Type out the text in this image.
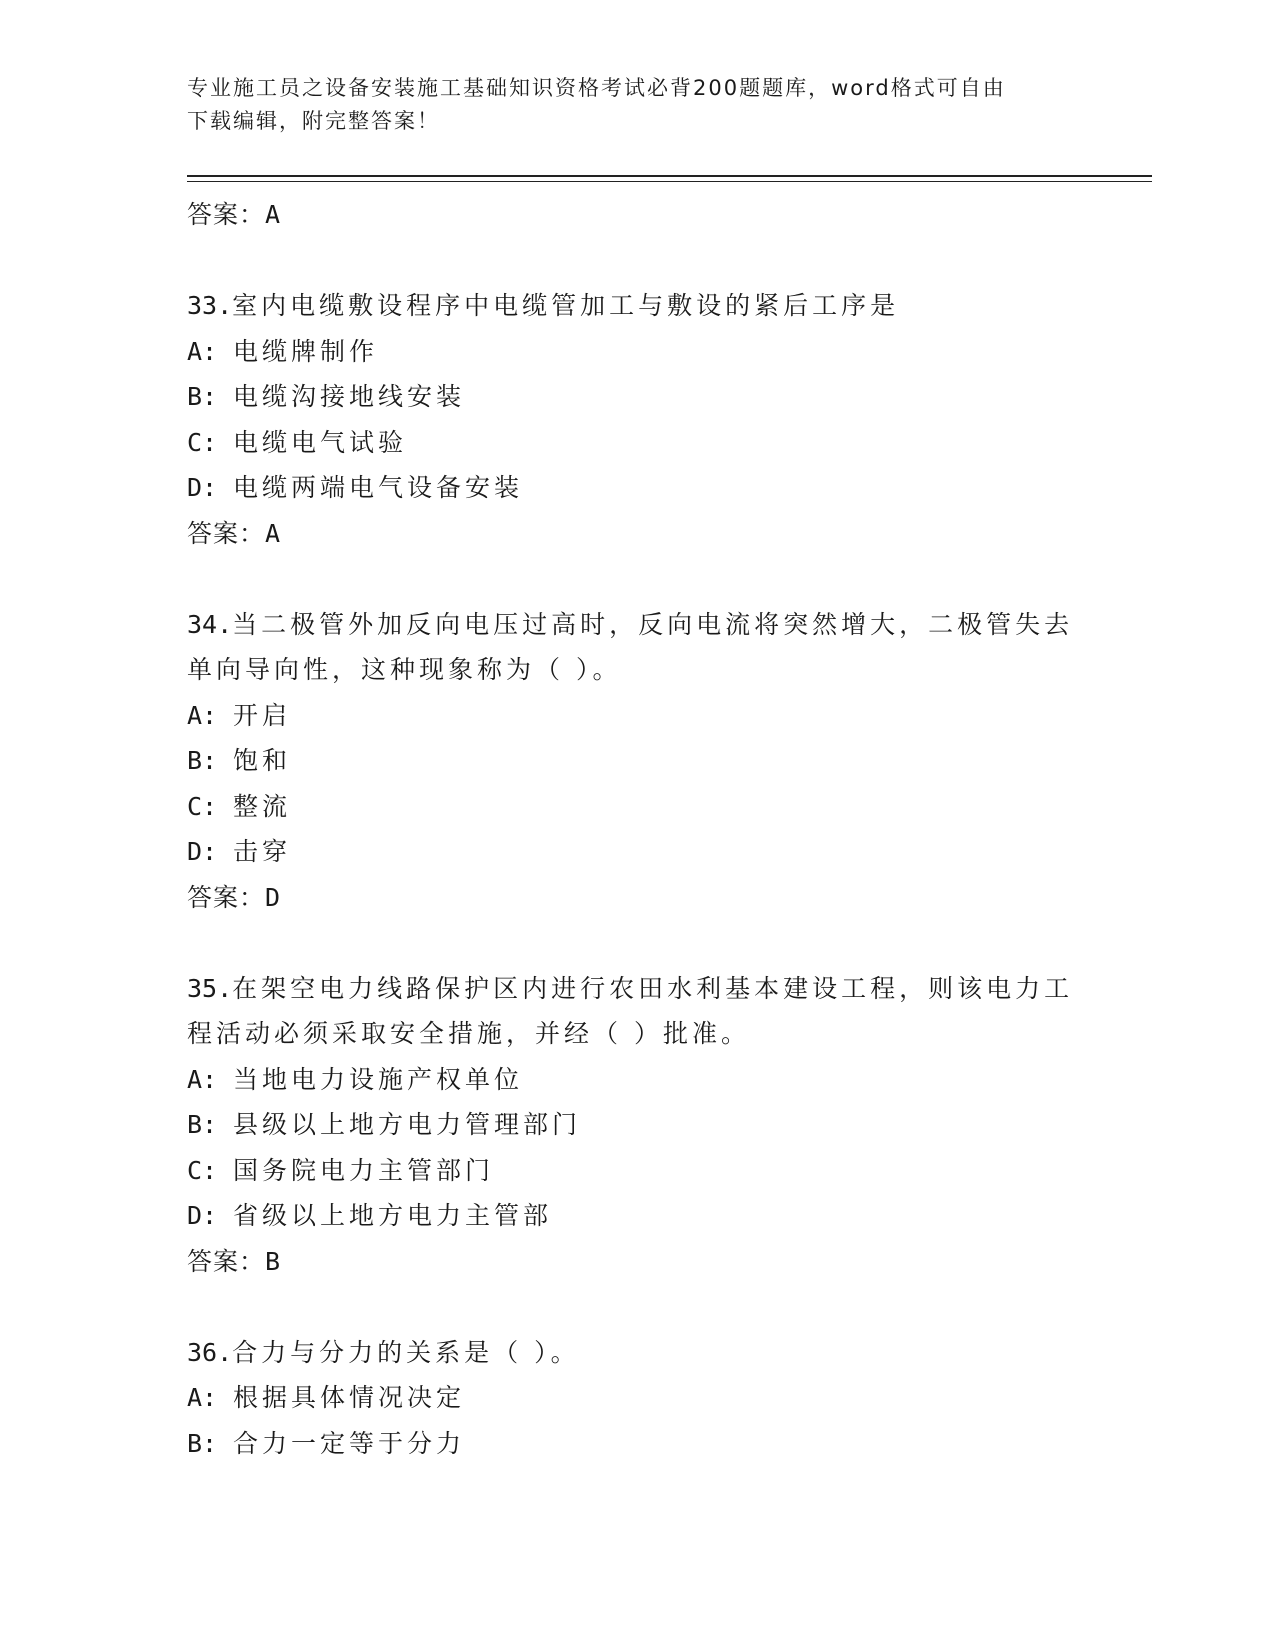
专业施工员之设备安装施工基础知识资格考试必背200题题库，word格式可自由
下载编辑，附完整答案！
答案：A
33.室内电缆敷设程序中电缆管加工与敷设的紧后工序是
A: 电缆牌制作
B: 电缆沟接地线安装
C: 电缆电气试验
D: 电缆两端电气设备安装
答案：A
34.当二极管外加反向电压过高时，反向电流将突然增大，二极管失去
单向导向性，这种现象称为（ ）。
A: 开启
B: 饱和
C: 整流
D: 击穿
答案：D
35.在架空电力线路保护区内进行农田水利基本建设工程，则该电力工
程活动必须采取安全措施，并经（ ）批准。
A: 当地电力设施产权单位
B: 县级以上地方电力管理部门
C: 国务院电力主管部门
D: 省级以上地方电力主管部
答案：B
36.合力与分力的关系是（ ）。
A: 根据具体情况决定
B: 合力一定等于分力
